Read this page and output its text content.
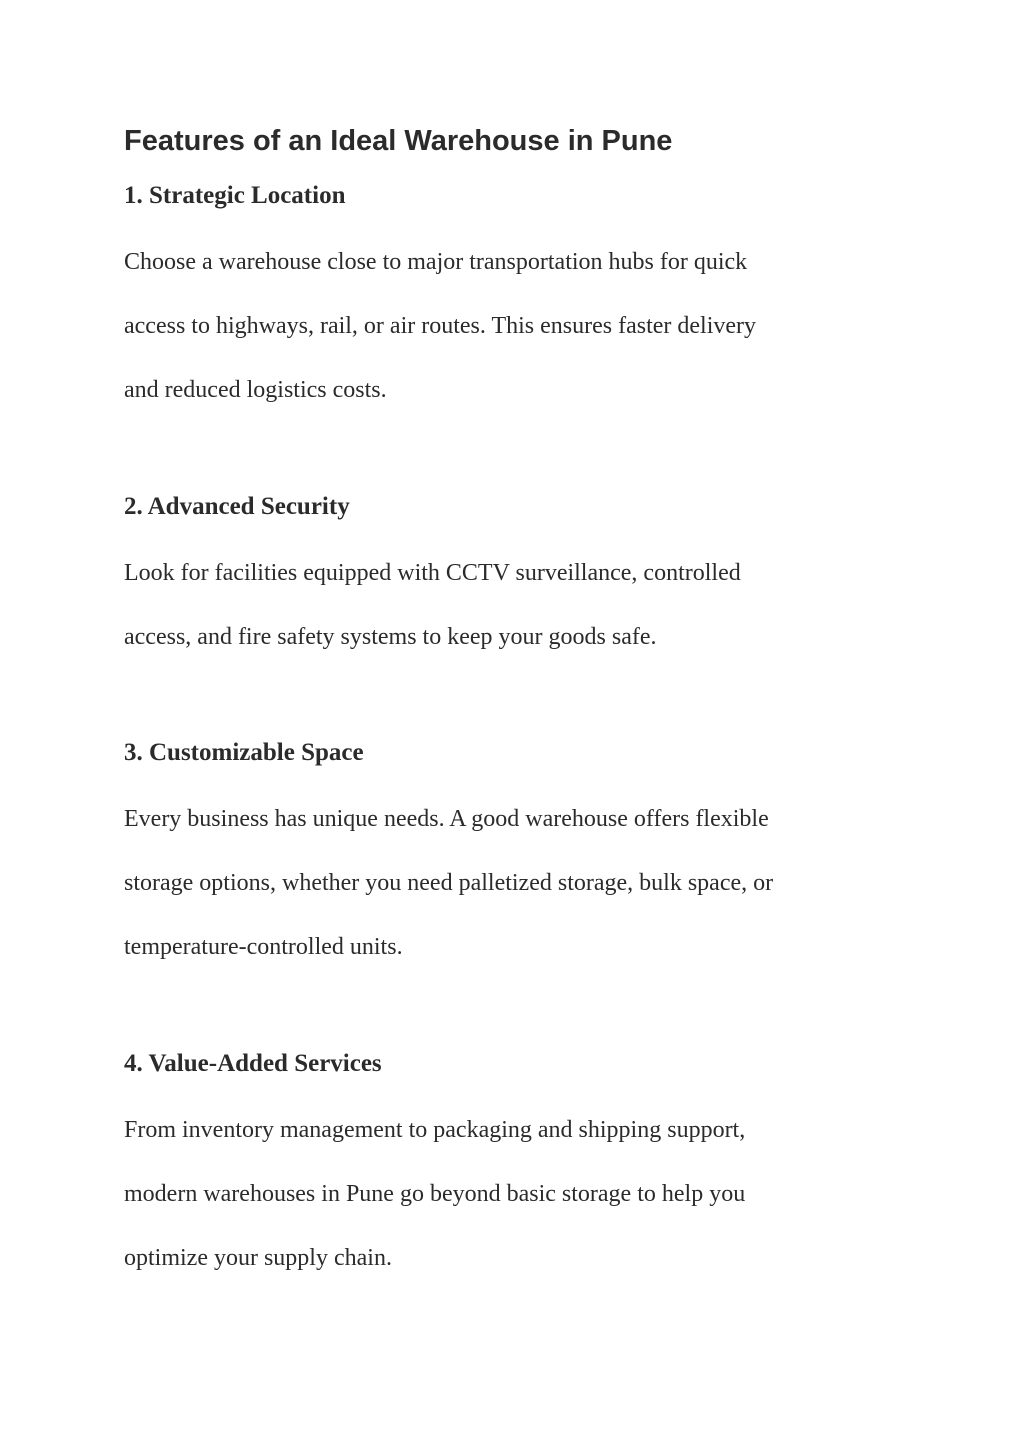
Features of an Ideal Warehouse in Pune
1. Strategic Location

Choose a warehouse close to major transportation hubs for quick
access to highways, rail, or air routes. This ensures faster delivery
and reduced logistics costs.

2. Advanced Security

Look for facilities equipped with CCTV surveillance, controlled
access, and fire safety systems to keep your goods safe.

3. Customizable Space

Every business has unique needs. A good warehouse offers flexible
storage options, whether you need palletized storage, bulk space, or
temperature-controlled units.

4. Value-Added Services

From inventory management to packaging and shipping support,
modern warehouses in Pune go beyond basic storage to help you
optimize your supply chain.
